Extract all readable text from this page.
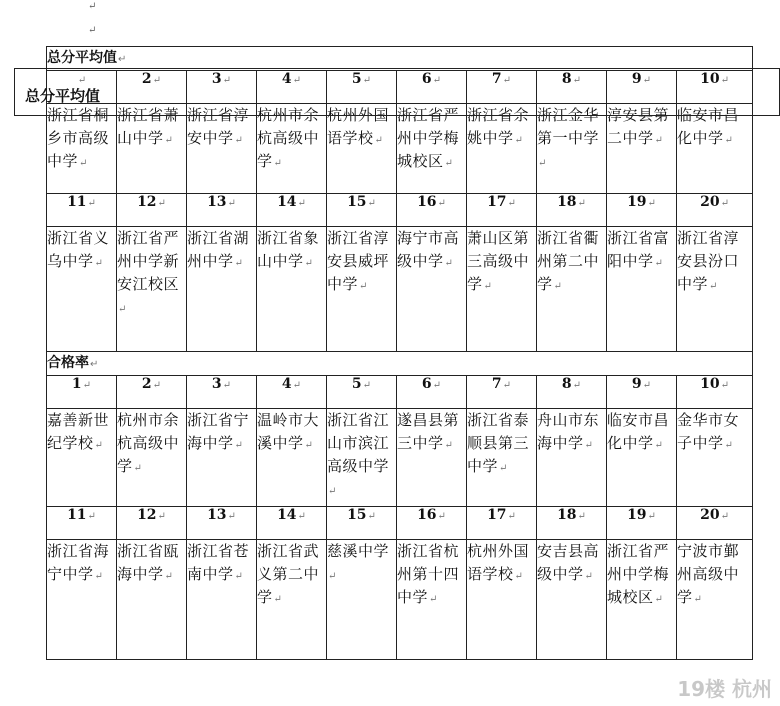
↵
↵
总分平均值↵									
↵	2↵	3↵	4↵	5↵	6↵	7↵	8↵	9↵	10↵
浙江省桐乡市高级中学↵	浙江省萧山中学↵	浙江省淳安中学↵	杭州市余杭高级中学↵	杭州外国语学校↵	浙江省严州中学梅城校区↵	浙江省余姚中学↵	浙江金华第一中学↵	淳安县第二中学↵	临安市昌化中学↵
11↵	12↵	13↵	14↵	15↵	16↵	17↵	18↵	19↵	20↵
浙江省义乌中学↵	浙江省严州中学新安江校区↵	浙江省湖州中学↵	浙江省象山中学↵	浙江省淳安县威坪中学↵	海宁市高级中学↵	萧山区第三高级中学↵	浙江省衢州第二中学↵	浙江省富阳中学↵	浙江省淳安县汾口中学↵
合格率↵									
1↵	2↵	3↵	4↵	5↵	6↵	7↵	8↵	9↵	10↵
嘉善新世纪学校↵	杭州市余杭高级中学↵	浙江省宁海中学↵	温岭市大溪中学↵	浙江省江山市滨江高级中学↵	遂昌县第三中学↵	浙江省泰顺县第三中学↵	舟山市东海中学↵	临安市昌化中学↵	金华市女子中学↵
11↵	12↵	13↵	14↵	15↵	16↵	17↵	18↵	19↵	20↵
浙江省海宁中学↵	浙江省瓯海中学↵	浙江省苍南中学↵	浙江省武义第二中学↵	慈溪中学↵	浙江省杭州第十四中学↵	杭州外国语学校↵	安吉县高级中学↵	浙江省严州中学梅城校区↵	宁波市鄞州高级中学↵
总分平均值
19楼 杭州
